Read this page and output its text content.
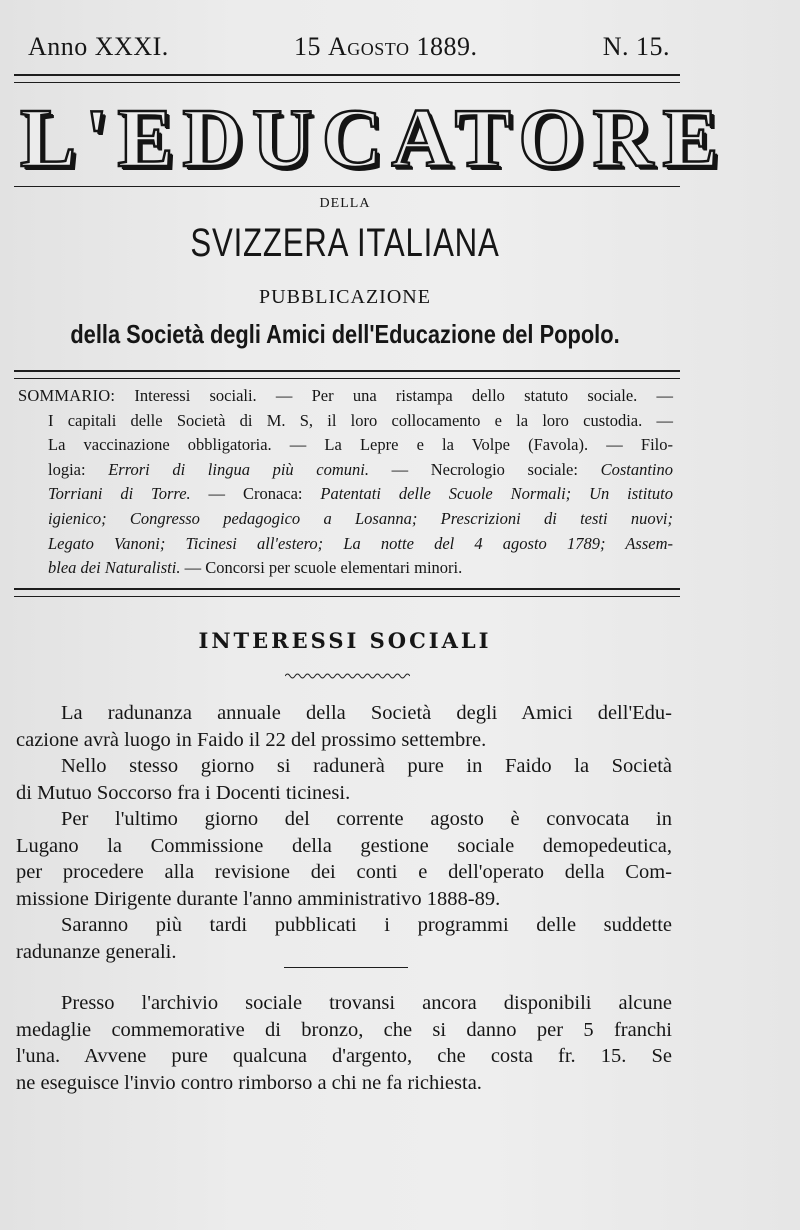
Anno XXXI.	15 Agosto 1889.	N. 15.
L'EDUCATORE
DELLA
SVIZZERA ITALIANA
PUBBLICAZIONE
della Società degli Amici dell'Educazione del Popolo.
SOMMARIO: Interessi sociali. — Per una ristampa dello statuto sociale. —
I capitali delle Società di M. S, il loro collocamento e la loro custodia. —
La vaccinazione obbligatoria. — La Lepre e la Volpe (Favola). — Filo-
logia: Errori di lingua più comuni. — Necrologio sociale: Costantino
Torriani di Torre. — Cronaca: Patentati delle Scuole Normali; Un istituto
igienico; Congresso pedagogico a Losanna; Prescrizioni di testi nuovi;
Legato Vanoni; Ticinesi all'estero; La notte del 4 agosto 1789; Assem-
blea dei Naturalisti. — Concorsi per scuole elementari minori.
INTERESSI SOCIALI
La radunanza annuale della Società degli Amici dell'Edu-
cazione avrà luogo in Faido il 22 del prossimo settembre.
Nello stesso giorno si radunerà pure in Faido la Società
di Mutuo Soccorso fra i Docenti ticinesi.
Per l'ultimo giorno del corrente agosto è convocata in
Lugano la Commissione della gestione sociale demopedeutica,
per procedere alla revisione dei conti e dell'operato della Com-
missione Dirigente durante l'anno amministrativo 1888-89.
Saranno più tardi pubblicati i programmi delle suddette
radunanze generali.
Presso l'archivio sociale trovansi ancora disponibili alcune
medaglie commemorative di bronzo, che si danno per 5 franchi
l'una. Avvene pure qualcuna d'argento, che costa fr. 15. Se
ne eseguisce l'invio contro rimborso a chi ne fa richiesta.
